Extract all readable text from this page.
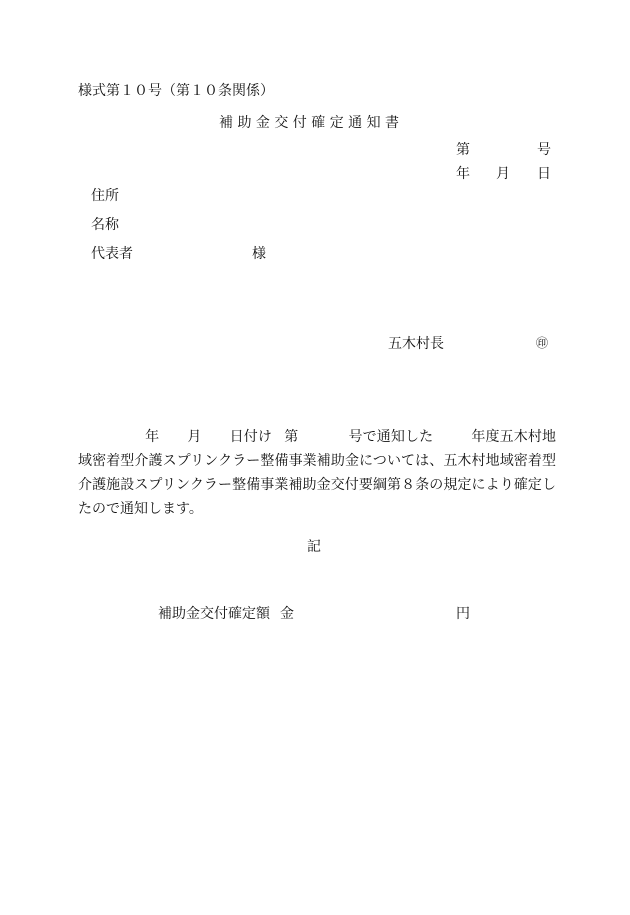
様式第１０号（第１０条関係）
補 助 金 交 付 確 定 通 知 書
第	号
年 月 日
住所
名称
代表者	様
五木村長	㊞
年 月 日付け 第	号で通知した	年度五木村地域密着型介護スプリンクラー整備事業補助金については、五木村地域密着型介護施設スプリンクラー整備事業補助金交付要綱第８条の規定により確定したので通知します。
記
補助金交付確定額 金	円
